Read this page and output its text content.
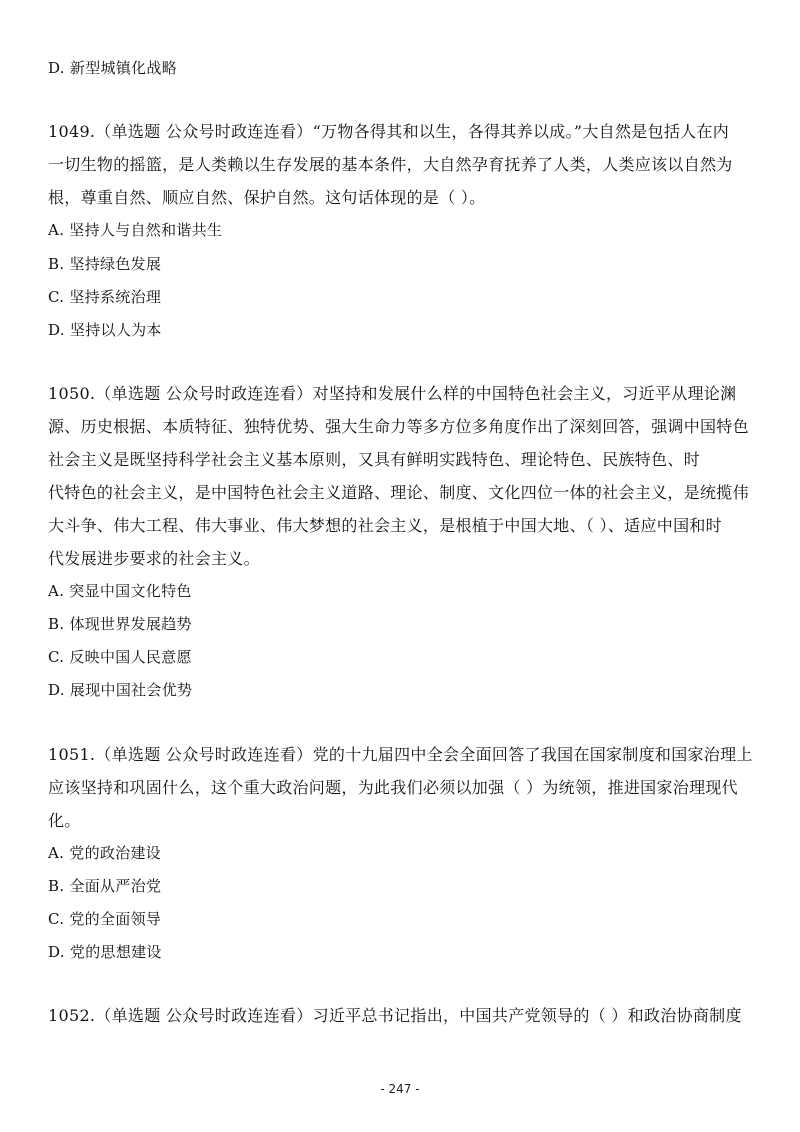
D. 新型城镇化战略
1049.（单选题 公众号时政连连看）“万物各得其和以生，各得其养以成。”大自然是包括人在内
一切生物的摇篮，是人类赖以生存发展的基本条件，大自然孕育抚养了人类，人类应该以自然为
根，尊重自然、顺应自然、保护自然。这句话体现的是（ ）。
A. 坚持人与自然和谐共生
B. 坚持绿色发展
C. 坚持系统治理
D. 坚持以人为本
1050.（单选题 公众号时政连连看）对坚持和发展什么样的中国特色社会主义，习近平从理论渊
源、历史根据、本质特征、独特优势、强大生命力等多方位多角度作出了深刻回答，强调中国特色
社会主义是既坚持科学社会主义基本原则，又具有鲜明实践特色、理论特色、民族特色、时
代特色的社会主义，是中国特色社会主义道路、理论、制度、文化四位一体的社会主义，是统揽伟
大斗争、伟大工程、伟大事业、伟大梦想的社会主义，是根植于中国大地、（ ）、适应中国和时
代发展进步要求的社会主义。
A. 突显中国文化特色
B. 体现世界发展趋势
C. 反映中国人民意愿
D. 展现中国社会优势
1051.（单选题 公众号时政连连看）党的十九届四中全会全面回答了我国在国家制度和国家治理上
应该坚持和巩固什么，这个重大政治问题，为此我们必须以加强（ ）为统领，推进国家治理现代
化。
A. 党的政治建设
B. 全面从严治党
C. 党的全面领导
D. 党的思想建设
1052.（单选题 公众号时政连连看）习近平总书记指出，中国共产党领导的（ ）和政治协商制度
- 247 -
